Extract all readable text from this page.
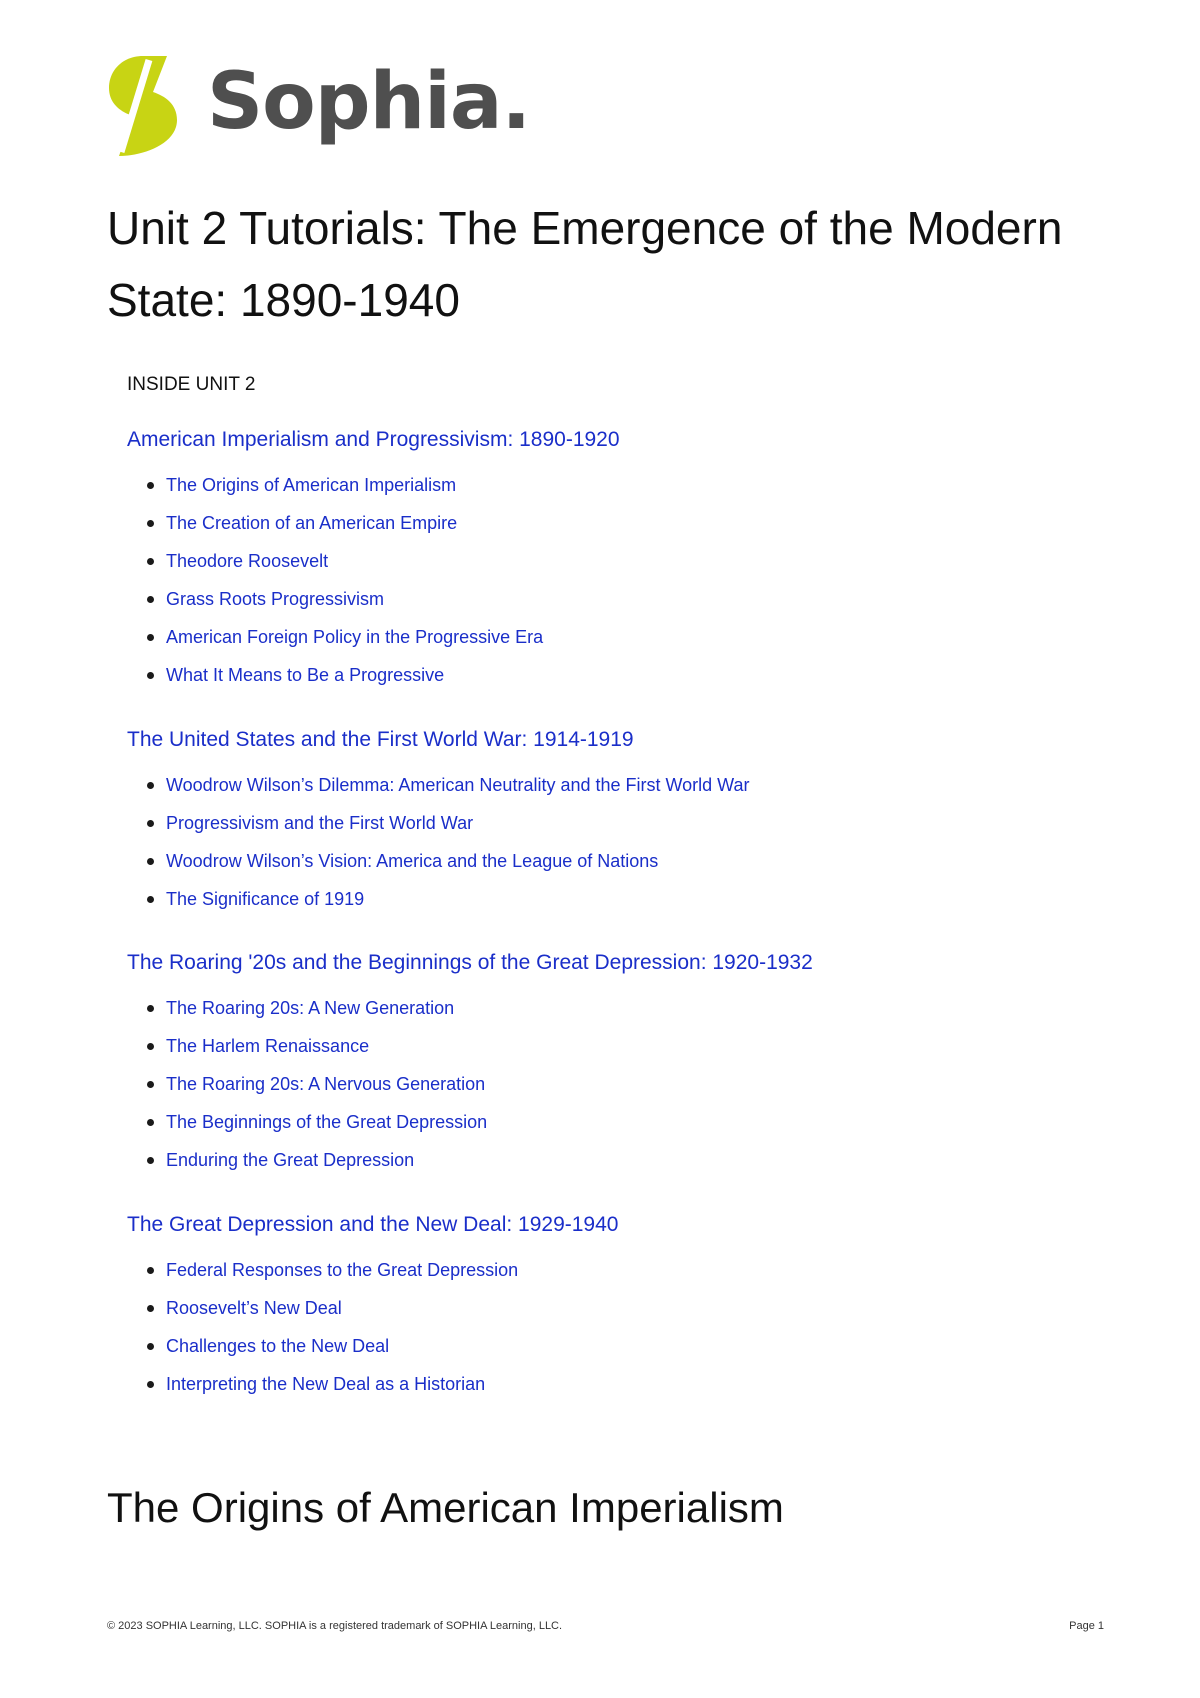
Sophia.
Unit 2 Tutorials: The Emergence of the Modern State: 1890-1940

INSIDE UNIT 2

American Imperialism and Progressivism: 1890-1920
The Origins of American Imperialism
The Creation of an American Empire
Theodore Roosevelt
Grass Roots Progressivism
American Foreign Policy in the Progressive Era
What It Means to Be a Progressive
The United States and the First World War: 1914-1919
Woodrow Wilson’s Dilemma: American Neutrality and the First World War
Progressivism and the First World War
Woodrow Wilson’s Vision: America and the League of Nations
The Significance of 1919
The Roaring '20s and the Beginnings of the Great Depression: 1920-1932
The Roaring 20s: A New Generation
The Harlem Renaissance
The Roaring 20s: A Nervous Generation
The Beginnings of the Great Depression
Enduring the Great Depression
The Great Depression and the New Deal: 1929-1940
Federal Responses to the Great Depression
Roosevelt’s New Deal
Challenges to the New Deal
Interpreting the New Deal as a Historian
The Origins of American Imperialism
© 2023 SOPHIA Learning, LLC. SOPHIA is a registered trademark of SOPHIA Learning, LLC.	Page 1
